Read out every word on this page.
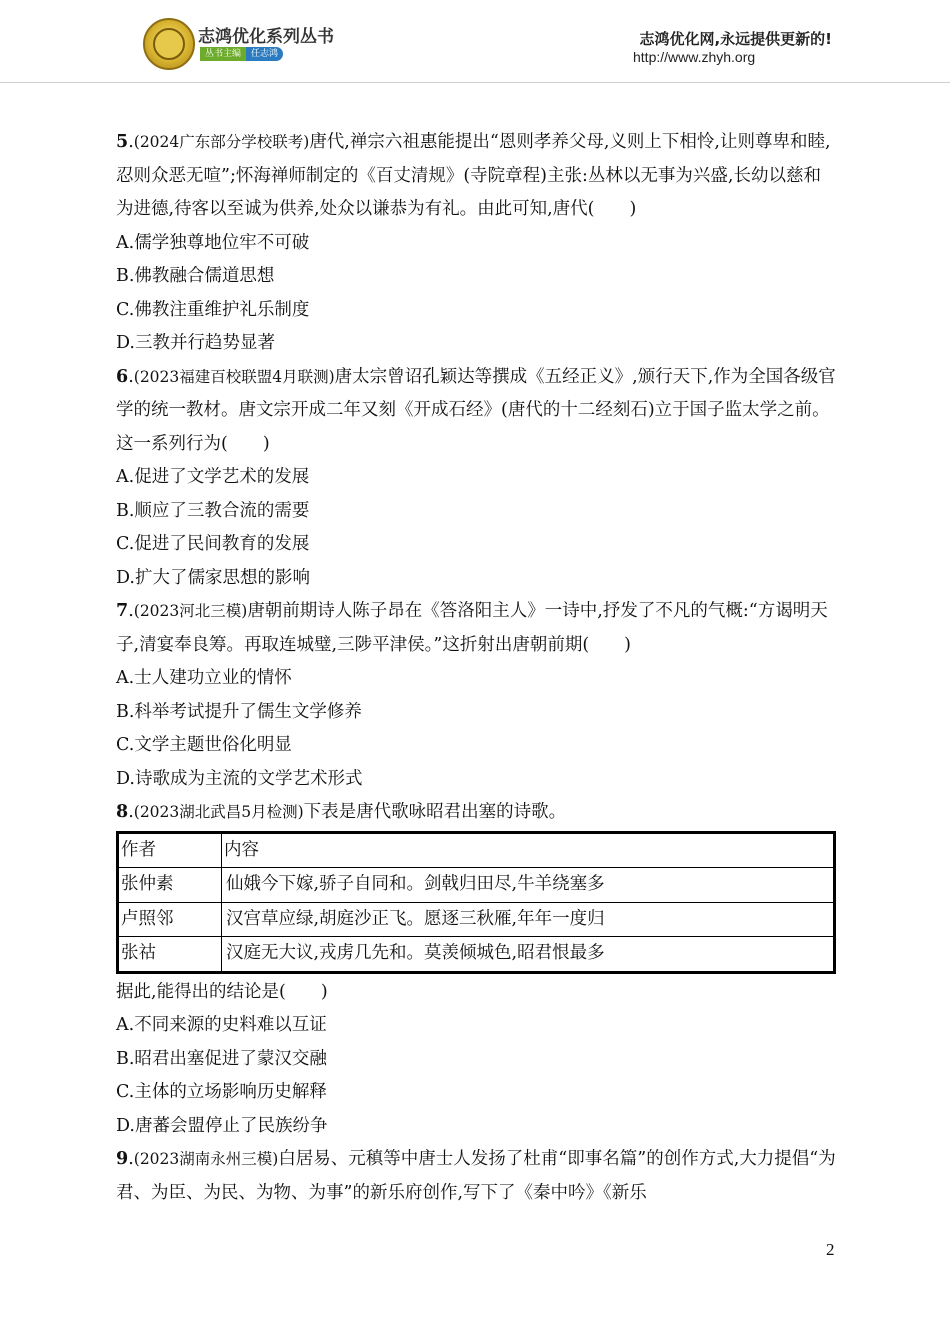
志鸿优化系列丛书
丛书主编 任志鸿
志鸿优化网,永远提供更新的!
http://www.zhyh.org

5.(2024广东部分学校联考)唐代,禅宗六祖惠能提出“恩则孝养父母,义则上下相怜,让则尊卑和睦,忍则众恶无喧”;怀海禅师制定的《百丈清规》(寺院章程)主张:丛林以无事为兴盛,长幼以慈和为进德,待客以至诚为供养,处众以谦恭为有礼。由此可知,唐代(　　)

A.儒学独尊地位牢不可破

B.佛教融合儒道思想

C.佛教注重维护礼乐制度

D.三教并行趋势显著

6.(2023福建百校联盟4月联测)唐太宗曾诏孔颖达等撰成《五经正义》,颁行天下,作为全国各级官学的统一教材。唐文宗开成二年又刻《开成石经》(唐代的十二经刻石)立于国子监太学之前。这一系列行为(　　)

A.促进了文学艺术的发展

B.顺应了三教合流的需要

C.促进了民间教育的发展

D.扩大了儒家思想的影响

7.(2023河北三模)唐朝前期诗人陈子昂在《答洛阳主人》一诗中,抒发了不凡的气概:“方谒明天子,清宴奉良筹。再取连城璧,三陟平津侯。”这折射出唐朝前期(　　)

A.士人建功立业的情怀

B.科举考试提升了儒生文学修养

C.文学主题世俗化明显

D.诗歌成为主流的文学艺术形式

8.(2023湖北武昌5月检测)下表是唐代歌咏昭君出塞的诗歌。

作者	内容
张仲素	仙娥今下嫁,骄子自同和。剑戟归田尽,牛羊绕塞多
卢照邻	汉宫草应绿,胡庭沙正飞。愿逐三秋雁,年年一度归
张祜	汉庭无大议,戎虏几先和。莫羡倾城色,昭君恨最多

据此,能得出的结论是(　　)

A.不同来源的史料难以互证

B.昭君出塞促进了蒙汉交融

C.主体的立场影响历史解释

D.唐蕃会盟停止了民族纷争

9.(2023湖南永州三模)白居易、元稹等中唐士人发扬了杜甫“即事名篇”的创作方式,大力提倡“为君、为臣、为民、为物、为事”的新乐府创作,写下了《秦中吟》《新乐

2
